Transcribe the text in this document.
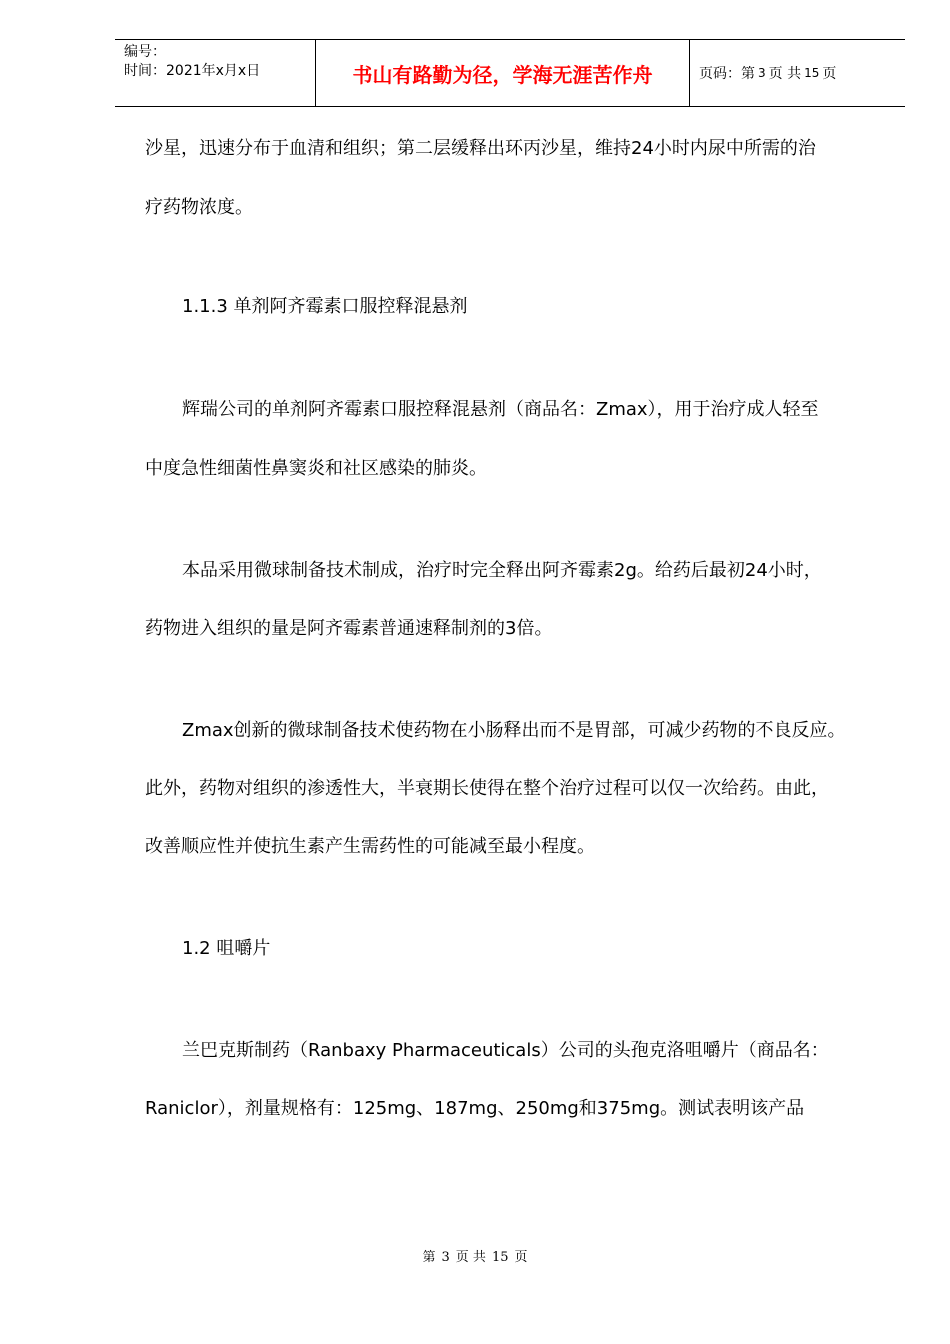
编号：
时间：2021年x月x日	书山有路勤为径，学海无涯苦作舟	页码：第 3 页 共 15 页
沙星，迅速分布于血清和组织；第二层缓释出环丙沙星，维持24小时内尿中所需的治
疗药物浓度。
1.1.3 单剂阿齐霉素口服控释混悬剂
辉瑞公司的单剂阿齐霉素口服控释混悬剂（商品名：Zmax），用于治疗成人轻至
中度急性细菌性鼻窦炎和社区感染的肺炎。
本品采用微球制备技术制成，治疗时完全释出阿齐霉素2g。给药后最初24小时，
药物进入组织的量是阿齐霉素普通速释制剂的3倍。
Zmax创新的微球制备技术使药物在小肠释出而不是胃部，可减少药物的不良反应。
此外，药物对组织的渗透性大，半衰期长使得在整个治疗过程可以仅一次给药。由此，
改善顺应性并使抗生素产生需药性的可能减至最小程度。
1.2 咀嚼片
兰巴克斯制药（Ranbaxy Pharmaceuticals）公司的头孢克洛咀嚼片（商品名：
Raniclor），剂量规格有：125mg、187mg、250mg和375mg。测试表明该产品
第 3 页 共 15 页
